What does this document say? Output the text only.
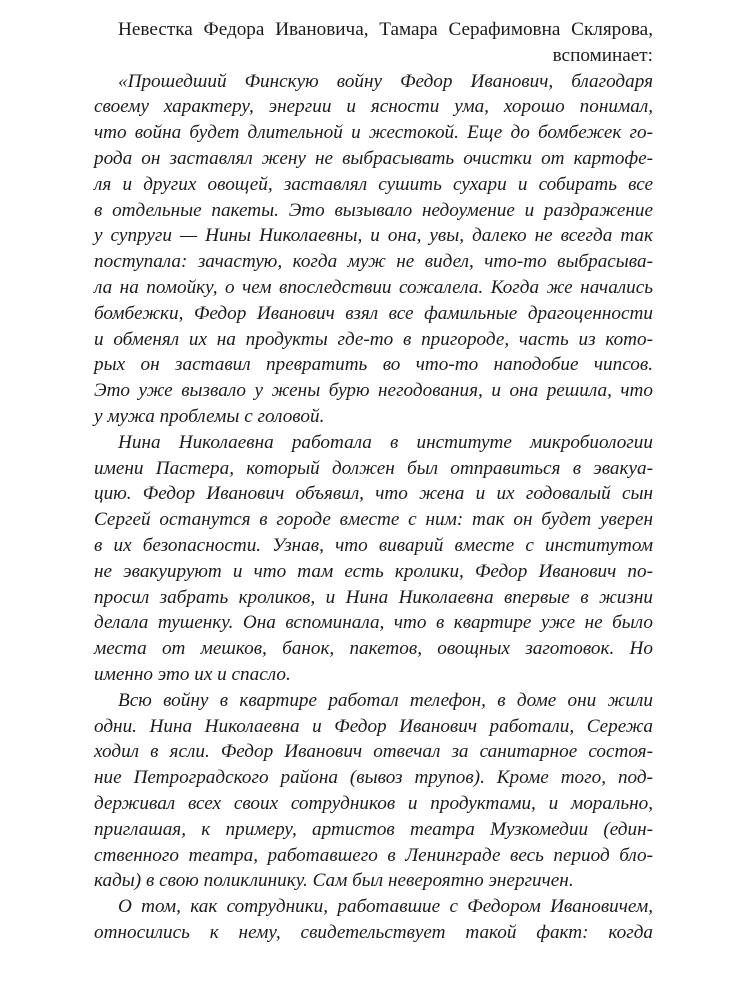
Невестка Федора Ивановича, Тамара Серафимовна Склярова,
вспоминает:
«Прошедший Финскую войну Федор Иванович, благодаря
своему характеру, энергии и ясности ума, хорошо понимал,
что война будет длительной и жестокой. Еще до бомбежек го-
рода он заставлял жену не выбрасывать очистки от картофе-
ля и других овощей, заставлял сушить сухари и собирать все
в отдельные пакеты. Это вызывало недоумение и раздражение
у супруги — Нины Николаевны, и она, увы, далеко не всегда так
поступала: зачастую, когда муж не видел, что-то выбрасыва-
ла на помойку, о чем впоследствии сожалела. Когда же начались
бомбежки, Федор Иванович взял все фамильные драгоценности
и обменял их на продукты где-то в пригороде, часть из кото-
рых он заставил превратить во что-то наподобие чипсов.
Это уже вызвало у жены бурю негодования, и она решила, что
у мужа проблемы с головой.
Нина Николаевна работала в институте микробиологии
имени Пастера, который должен был отправиться в эвакуа-
цию. Федор Иванович объявил, что жена и их годовалый сын
Сергей останутся в городе вместе с ним: так он будет уверен
в их безопасности. Узнав, что виварий вместе с институтом
не эвакуируют и что там есть кролики, Федор Иванович по-
просил забрать кроликов, и Нина Николаевна впервые в жизни
делала тушенку. Она вспоминала, что в квартире уже не было
места от мешков, банок, пакетов, овощных заготовок. Но
именно это их и спасло.
Всю войну в квартире работал телефон, в доме они жили
одни. Нина Николаевна и Федор Иванович работали, Сережа
ходил в ясли. Федор Иванович отвечал за санитарное состоя-
ние Петроградского района (вывоз трупов). Кроме того, под-
держивал всех своих сотрудников и продуктами, и морально,
приглашая, к примеру, артистов театра Музкомедии (един-
ственного театра, работавшего в Ленинграде весь период бло-
кады) в свою поликлинику. Сам был невероятно энергичен.
О том, как сотрудники, работавшие с Федором Ивановичем,
относились к нему, свидетельствует такой факт: когда
